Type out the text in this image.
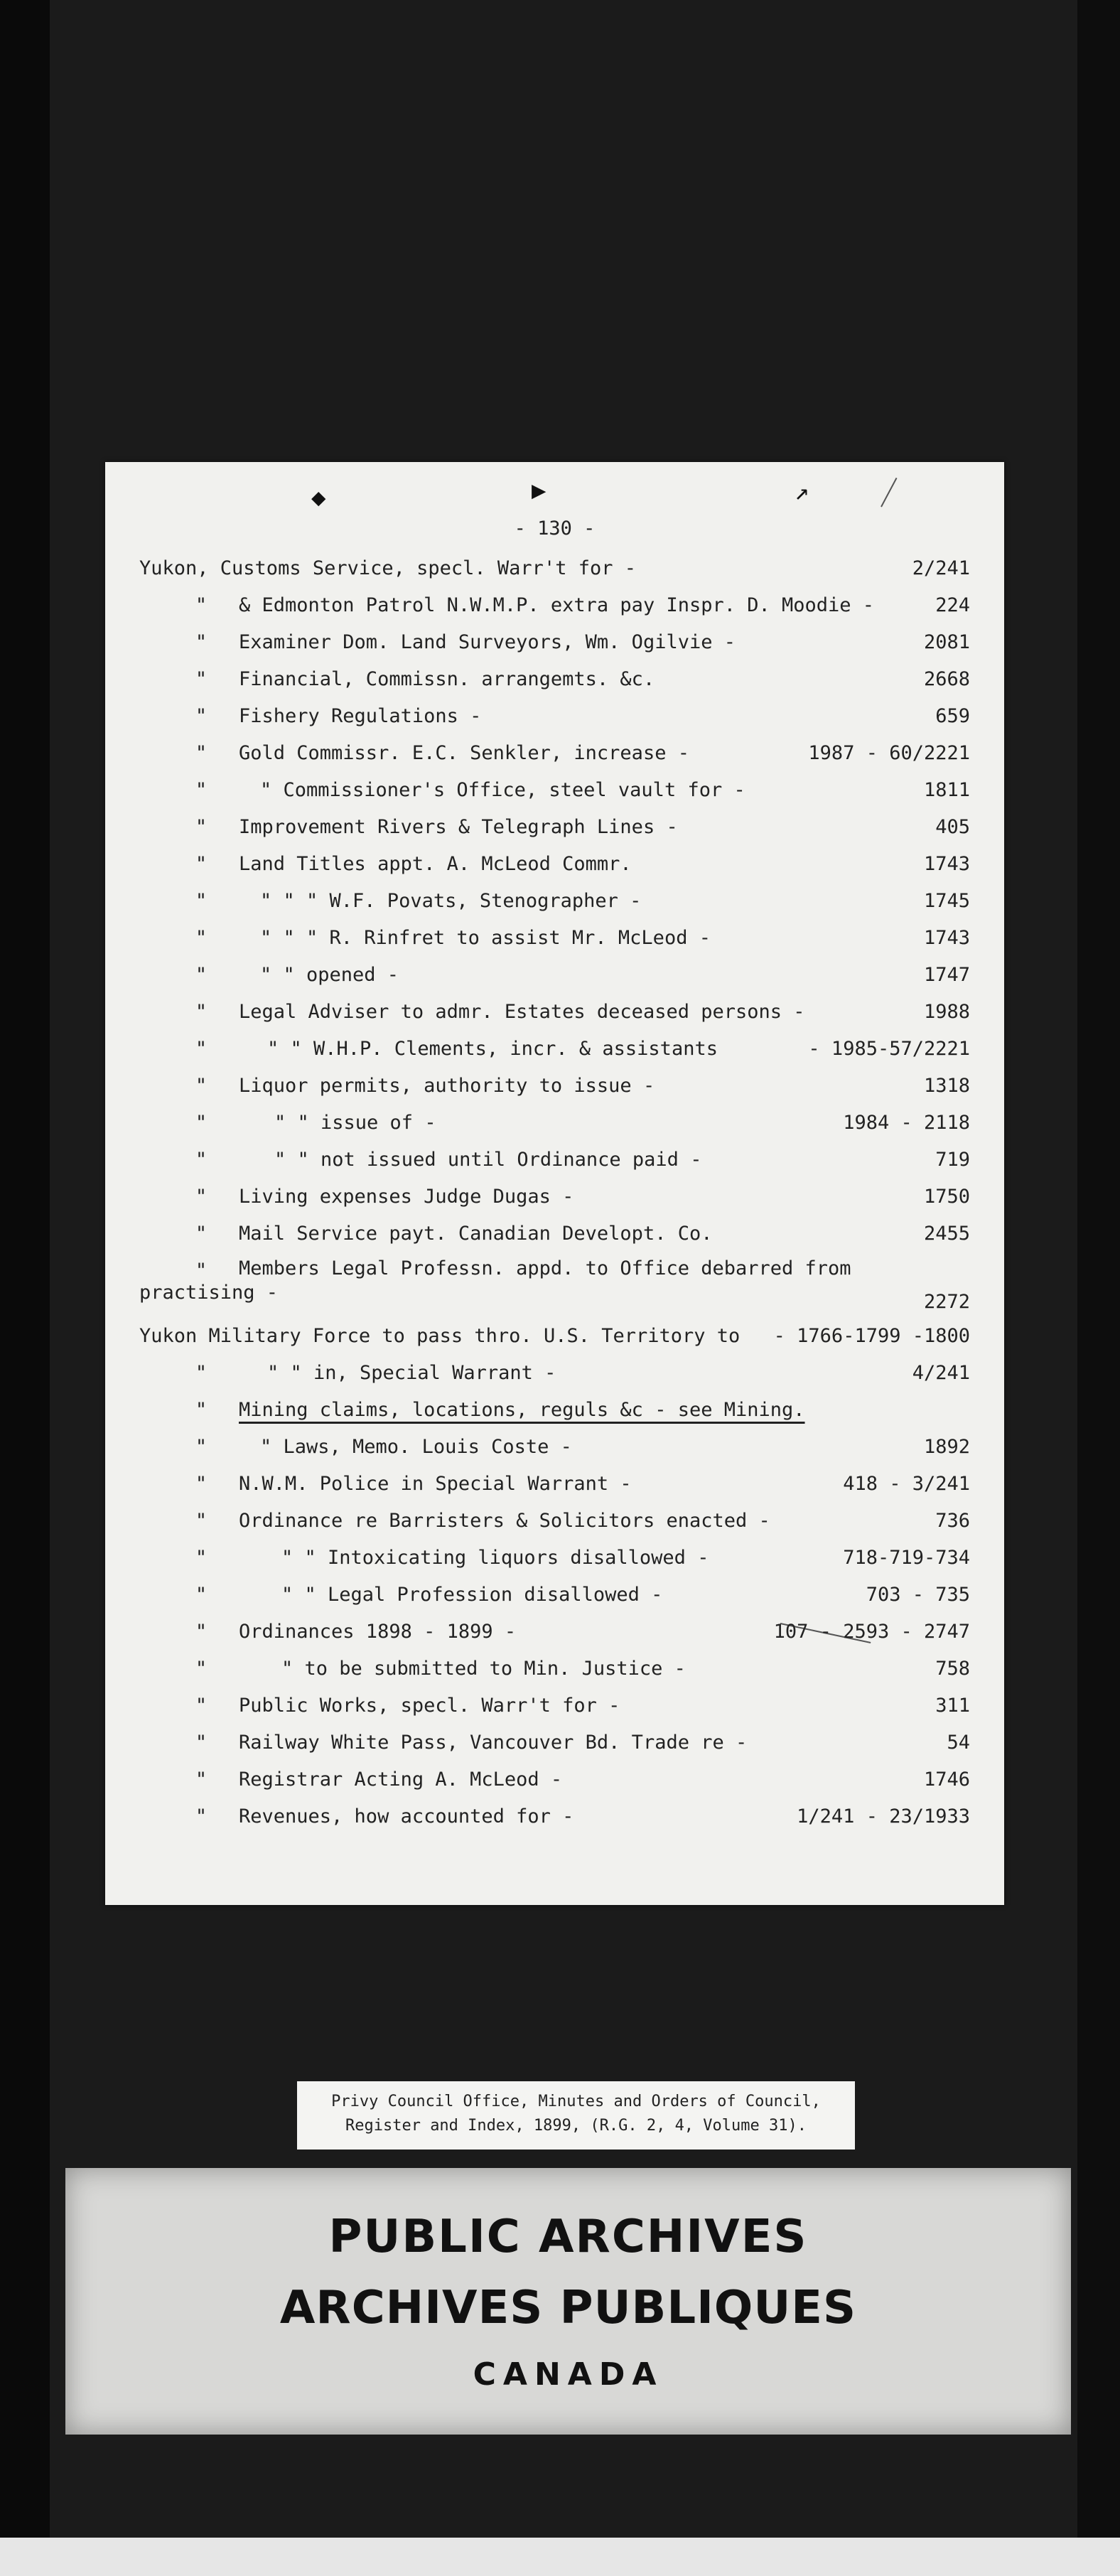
◆	▶	↗
- 130 -
Yukon, Customs Service, specl. Warr't for -	2/241
" & Edmonton Patrol N.W.M.P. extra pay Inspr. D. Moodie -	224
" Examiner Dom. Land Surveyors, Wm. Ogilvie -	2081
" Financial, Commissn. arrangemts. &c.	2668
" Fishery Regulations -	659
" Gold Commissr. E.C. Senkler, increase -	1987 - 60/2221
"	" Commissioner's Office, steel vault for -	1811
" Improvement Rivers & Telegraph Lines -	405
" Land Titles appt. A. McLeod Commr.	1743
"	" " " W.F. Povats, Stenographer -	1745
"	" " " R. Rinfret to assist Mr. McLeod -	1743
"	" " opened -	1747
" Legal Adviser to admr. Estates deceased persons -	1988
"	" " W.H.P. Clements, incr. & assistants	- 1985-57/2221
" Liquor permits, authority to issue -	1318
"	" " issue of -	1984 - 2118
"	" " not issued until Ordinance paid -	719
" Living expenses Judge Dugas -	1750
" Mail Service payt. Canadian Developt. Co.	2455
"	Members Legal Professn. appd. to Office debarred from
practising -	2272
Yukon Military Force to pass thro. U.S. Territory to - 1766-1799 -1800
"	" " in, Special Warrant -	4/241
" Mining claims, locations, reguls &c - see Mining.
"	" Laws, Memo. Louis Coste -	1892
" N.W.M. Police in Special Warrant -	418 - 3/241
" Ordinance re Barristers & Solicitors enacted -	736
"	" " Intoxicating liquors disallowed -	718-719-734
"	" " Legal Profession disallowed -	703 - 735
" Ordinances 1898 - 1899 -	107 - 2593 - 2747
"	" to be submitted to Min. Justice -	758
" Public Works, specl. Warr't for -	311
" Railway White Pass, Vancouver Bd. Trade re -	54
" Registrar Acting A. McLeod -	1746
" Revenues, how accounted for -	1/241 - 23/1933
Privy Council Office, Minutes and Orders of Council,
Register and Index, 1899, (R.G. 2, 4, Volume 31).
PUBLIC ARCHIVES
ARCHIVES PUBLIQUES
CANADA
